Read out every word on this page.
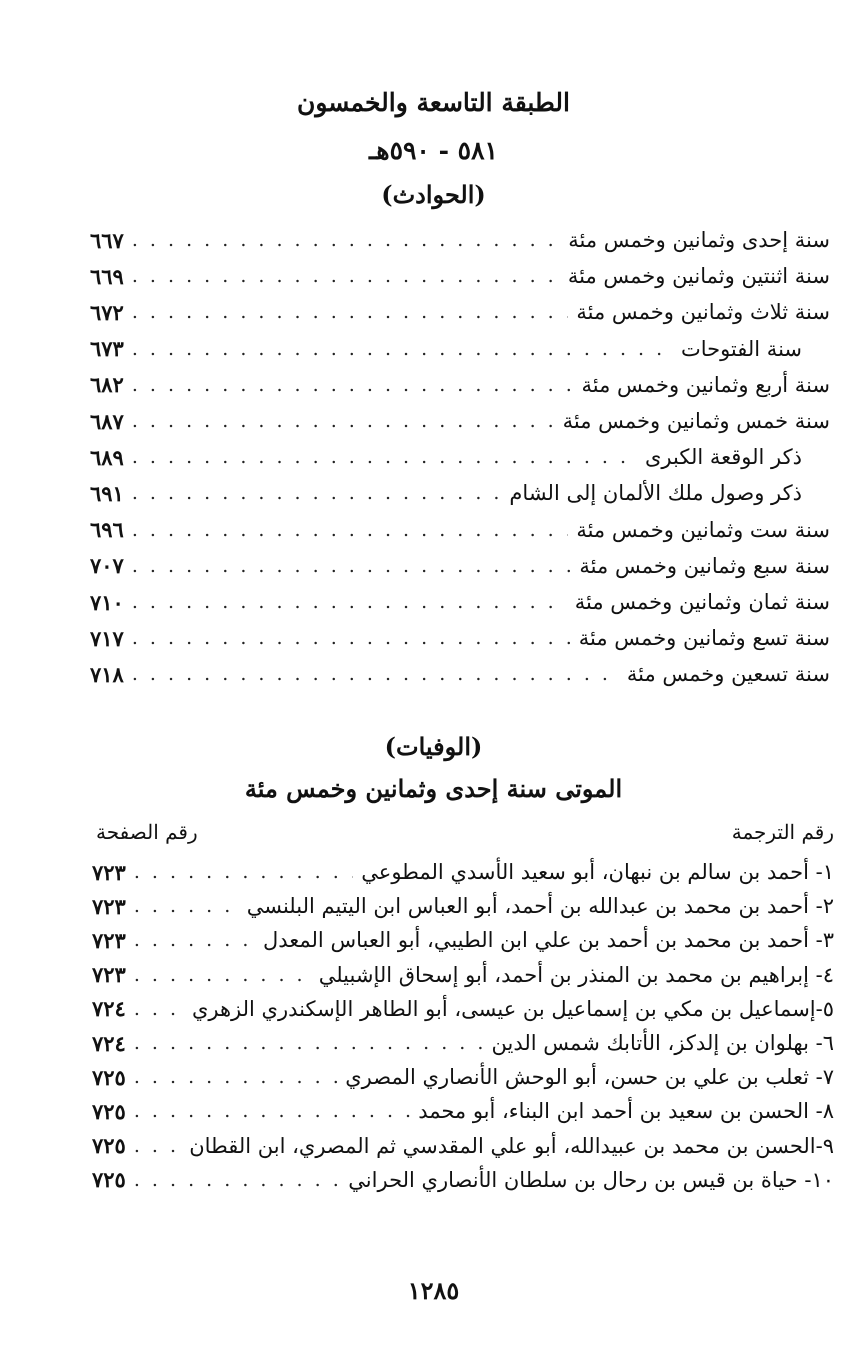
الطبقة التاسعة والخمسون
٥٨١ - ٥٩٠هـ
(الحوادث)
سنة إحدى وثمانين وخمس مئة
. . .
٦٦٧
سنة اثنتين وثمانين وخمس مئة
. . .
٦٦٩
سنة ثلاث وثمانين وخمس مئة
. . .
٦٧٢
سنة الفتوحات
. . .
٦٧٣
سنة أربع وثمانين وخمس مئة
. . .
٦٨٢
سنة خمس وثمانين وخمس مئة
. . .
٦٨٧
ذكر الوقعة الكبرى
. . .
٦٨٩
ذكر وصول ملك الألمان إلى الشام
. . .
٦٩١
سنة ست وثمانين وخمس مئة
. . .
٦٩٦
سنة سبع وثمانين وخمس مئة
. . .
٧٠٧
سنة ثمان وثمانين وخمس مئة
. . .
٧١٠
سنة تسع وثمانين وخمس مئة
. . .
٧١٧
سنة تسعين وخمس مئة
. . .
٧١٨
(الوفيات)
الموتى سنة إحدى وثمانين وخمس مئة
رقم الترجمة
رقم الصفحة
١- أحمد بن سالم بن نبهان، أبو سعيد الأسدي المطوعي
. . .
٧٢٣
٢- أحمد بن محمد بن عبدالله بن أحمد، أبو العباس ابن اليتيم البلنسي
. . .
٧٢٣
٣- أحمد بن محمد بن أحمد بن علي ابن الطيبي، أبو العباس المعدل
. . .
٧٢٣
٤- إبراهيم بن محمد بن المنذر بن أحمد، أبو إسحاق الإشبيلي
. . .
٧٢٣
٥-إسماعيل بن مكي بن إسماعيل بن عيسى، أبو الطاهر الإسكندري الزهري
. . .
٧٢٤
٦- بهلوان بن إلدكز، الأتابك شمس الدين
. . .
٧٢٤
٧- ثعلب بن علي بن حسن، أبو الوحش الأنصاري المصري
. . .
٧٢٥
٨- الحسن بن سعيد بن أحمد ابن البناء، أبو محمد
. . .
٧٢٥
٩-الحسن بن محمد بن عبيدالله، أبو علي المقدسي ثم المصري، ابن القطان
. . .
٧٢٥
١٠- حياة بن قيس بن رحال بن سلطان الأنصاري الحراني
. . .
٧٢٥
١٢٨٥
